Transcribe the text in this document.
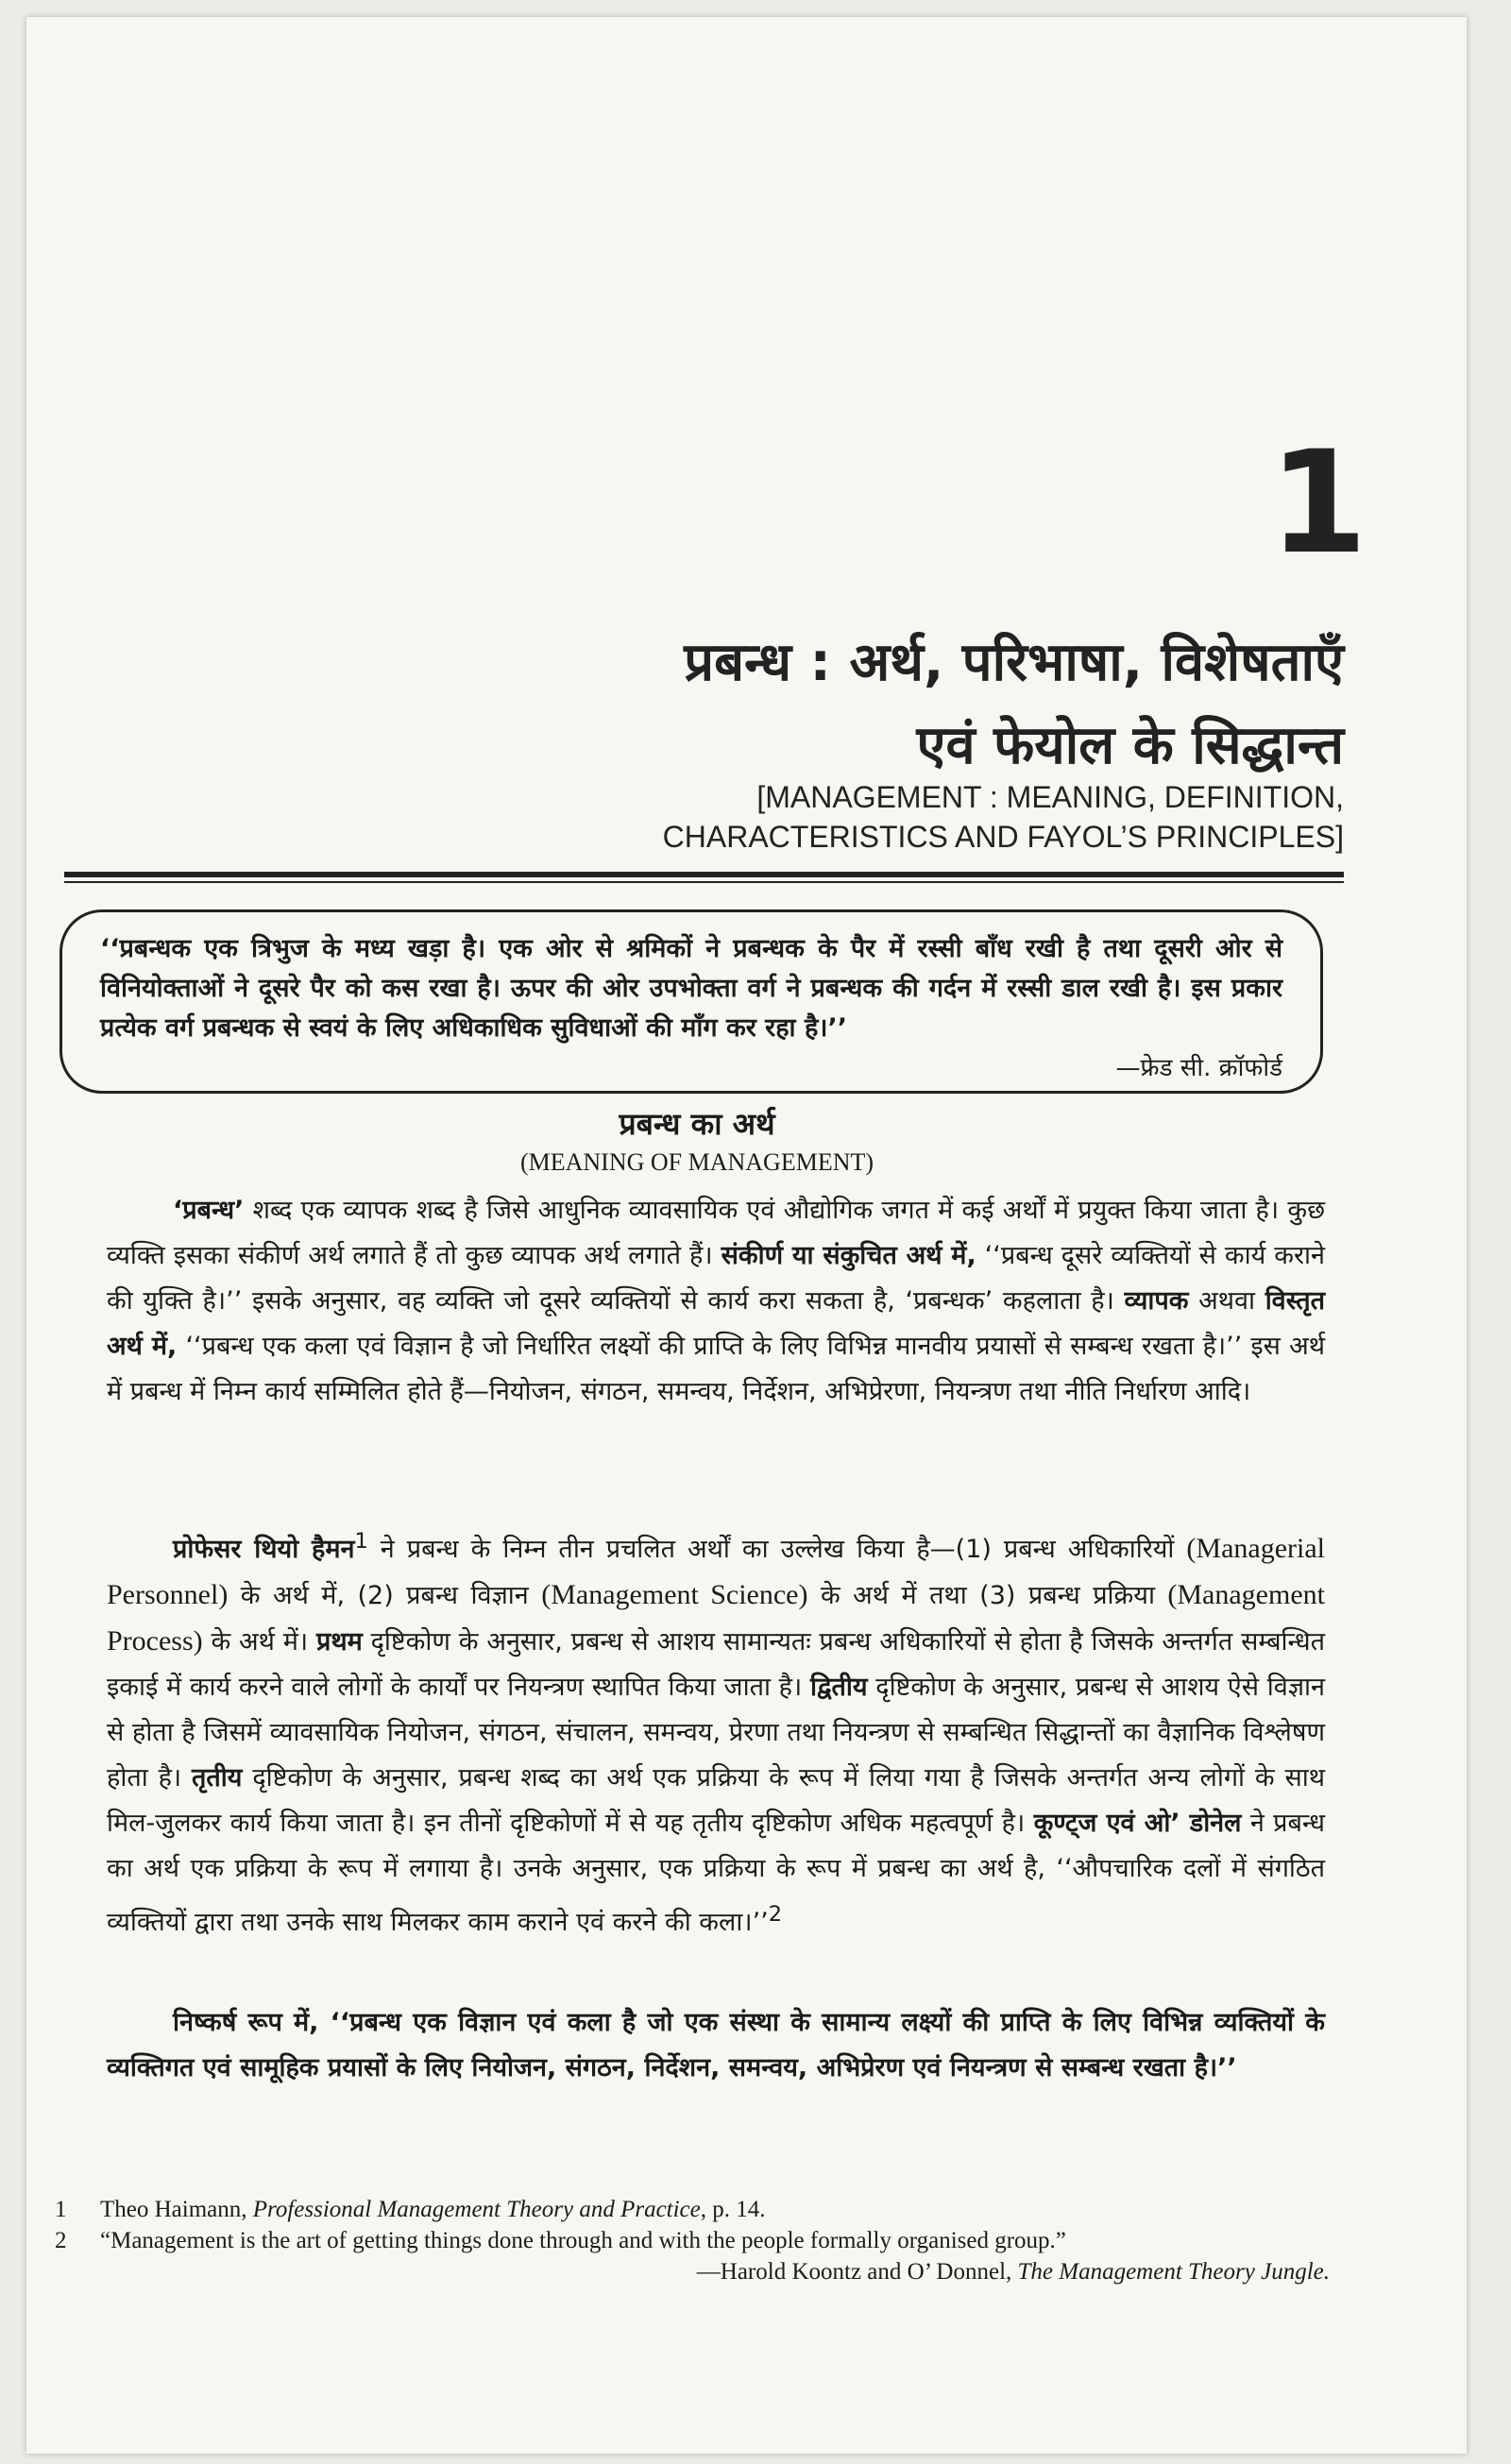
1
प्रबन्ध : अर्थ, परिभाषा, विशेषताएँ
एवं फेयोल के सिद्धान्त
[MANAGEMENT : MEANING, DEFINITION,
CHARACTERISTICS AND FAYOL’S PRINCIPLES]
‘‘प्रबन्धक एक त्रिभुज के मध्य खड़ा है। एक ओर से श्रमिकों ने प्रबन्धक के पैर में रस्सी बाँध रखी है तथा दूसरी ओर से विनियोक्ताओं ने दूसरे पैर को कस रखा है। ऊपर की ओर उपभोक्ता वर्ग ने प्रबन्धक की गर्दन में रस्सी डाल रखी है। इस प्रकार प्रत्येक वर्ग प्रबन्धक से स्वयं के लिए अधिकाधिक सुविधाओं की माँग कर रहा है।’’
—फ्रेड सी. क्रॉफोर्ड
प्रबन्ध का अर्थ
(MEANING OF MANAGEMENT)
‘प्रबन्ध’ शब्द एक व्यापक शब्द है जिसे आधुनिक व्यावसायिक एवं औद्योगिक जगत में कई अर्थों में प्रयुक्त किया जाता है। कुछ व्यक्ति इसका संकीर्ण अर्थ लगाते हैं तो कुछ व्यापक अर्थ लगाते हैं। संकीर्ण या संकुचित अर्थ में, ‘‘प्रबन्ध दूसरे व्यक्तियों से कार्य कराने की युक्ति है।’’ इसके अनुसार, वह व्यक्ति जो दूसरे व्यक्तियों से कार्य करा सकता है, ‘प्रबन्धक’ कहलाता है। व्यापक अथवा विस्तृत अर्थ में, ‘‘प्रबन्ध एक कला एवं विज्ञान है जो निर्धारित लक्ष्यों की प्राप्ति के लिए विभिन्न मानवीय प्रयासों से सम्बन्ध रखता है।’’ इस अर्थ में प्रबन्ध में निम्न कार्य सम्मिलित होते हैं—नियोजन, संगठन, समन्वय, निर्देशन, अभिप्रेरणा, नियन्त्रण तथा नीति निर्धारण आदि।
प्रोफेसर थियो हैमन$^1$ ने प्रबन्ध के निम्न तीन प्रचलित अर्थों का उल्लेख किया है—(1) प्रबन्ध अधिकारियों (Managerial Personnel) के अर्थ में, (2) प्रबन्ध विज्ञान (Management Science) के अर्थ में तथा (3) प्रबन्ध प्रक्रिया (Management Process) के अर्थ में। प्रथम दृष्टिकोण के अनुसार, प्रबन्ध से आशय सामान्यतः प्रबन्ध अधिकारियों से होता है जिसके अन्तर्गत सम्बन्धित इकाई में कार्य करने वाले लोगों के कार्यों पर नियन्त्रण स्थापित किया जाता है। द्वितीय दृष्टिकोण के अनुसार, प्रबन्ध से आशय ऐसे विज्ञान से होता है जिसमें व्यावसायिक नियोजन, संगठन, संचालन, समन्वय, प्रेरणा तथा नियन्त्रण से सम्बन्धित सिद्धान्तों का वैज्ञानिक विश्लेषण होता है। तृतीय दृष्टिकोण के अनुसार, प्रबन्ध शब्द का अर्थ एक प्रक्रिया के रूप में लिया गया है जिसके अन्तर्गत अन्य लोगों के साथ मिल-जुलकर कार्य किया जाता है। इन तीनों दृष्टिकोणों में से यह तृतीय दृष्टिकोण अधिक महत्वपूर्ण है। कूण्ट्ज एवं ओ’ डोनेल ने प्रबन्ध का अर्थ एक प्रक्रिया के रूप में लगाया है। उनके अनुसार, एक प्रक्रिया के रूप में प्रबन्ध का अर्थ है, ‘‘औपचारिक दलों में संगठित व्यक्तियों द्वारा तथा उनके साथ मिलकर काम कराने एवं करने की कला।’’$^2$
निष्कर्ष रूप में, ‘‘प्रबन्ध एक विज्ञान एवं कला है जो एक संस्था के सामान्य लक्ष्यों की प्राप्ति के लिए विभिन्न व्यक्तियों के व्यक्तिगत एवं सामूहिक प्रयासों के लिए नियोजन, संगठन, निर्देशन, समन्वय, अभिप्रेरण एवं नियन्त्रण से सम्बन्ध रखता है।’’
1	Theo Haimann, Professional Management Theory and Practice, p. 14.
2	“Management is the art of getting things done through and with the people formally organised group.”
—Harold Koontz and O’ Donnel, The Management Theory Jungle.
